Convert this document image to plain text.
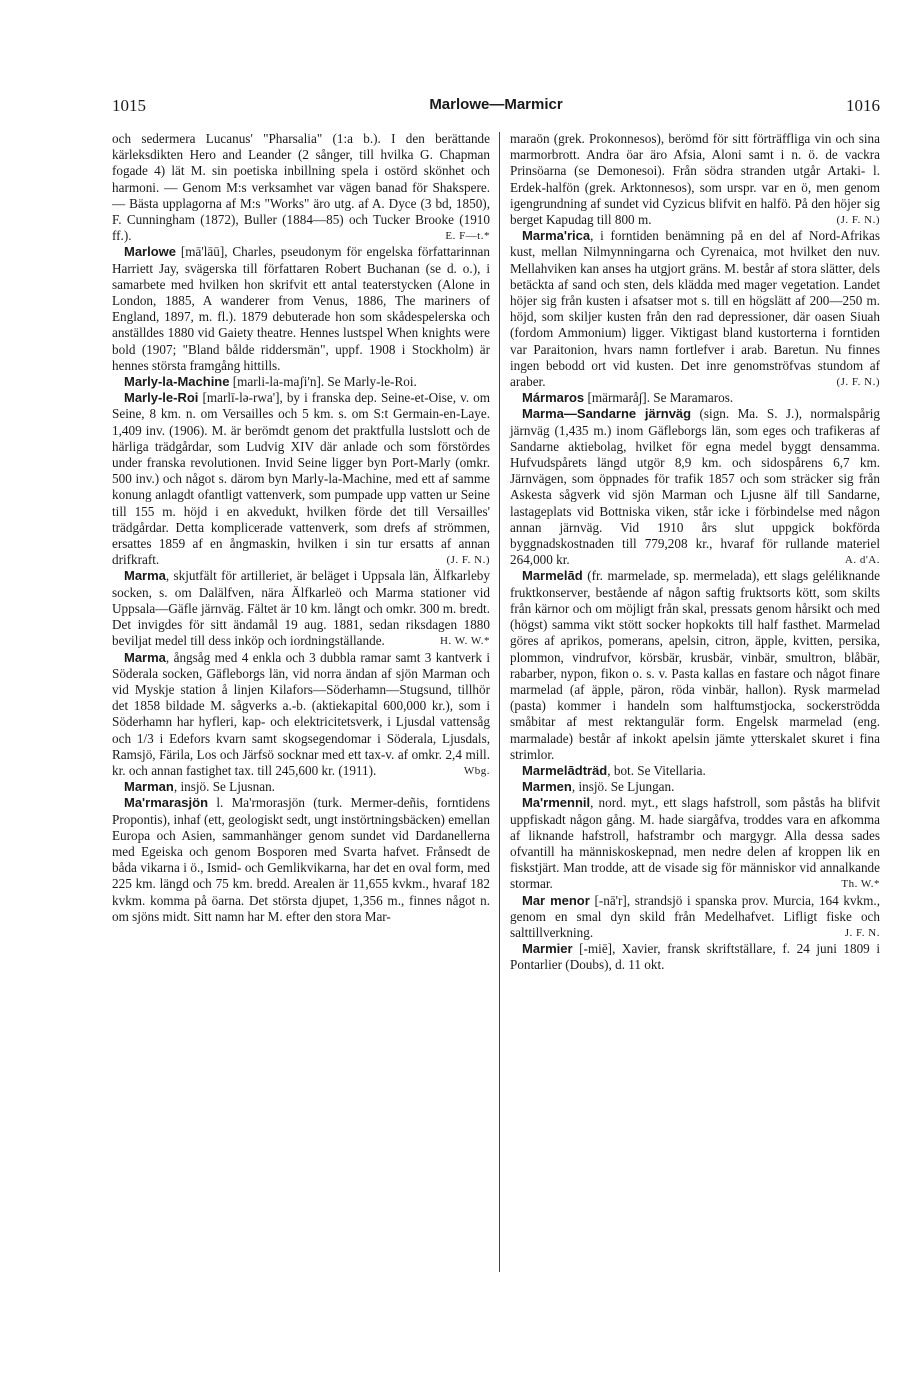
1015	Marlowe—Marmicr	1016

och sedermera Lucanus' "Pharsalia" (1:a b.). I den berättande kärleksdikten Hero and Leander (2 sånger, till hvilka G. Chapman fogade 4) lät M. sin poetiska inbillning spela i ostörd skönhet och harmoni. — Genom M:s verksamhet var vägen banad för Shakspere. — Bästa upplagorna af M:s "Works" äro utg. af A. Dyce (3 bd, 1850), F. Cunningham (1872), Buller (1884—85) och Tucker Brooke (1910 ff.).	E. F—t.*

Marlowe [mā'lāū], Charles, pseudonym för engelska författarinnan Harriett Jay, svägerska till författaren Robert Buchanan (se d. o.), i samarbete med hvilken hon skrifvit ett antal teaterstycken (Alone in London, 1885, A wanderer from Venus, 1886, The mariners of England, 1897, m. fl.). 1879 debuterade hon som skådespelerska och anställdes 1880 vid Gaiety theatre. Hennes lustspel When knights were bold (1907; "Bland bålde riddersmän", uppf. 1908 i Stockholm) är hennes största framgång hittills.

Marly-la-Machine [marli-la-maʃi'n]. Se Marly-le-Roi.

Marly-le-Roi [marlī-lə-rwa'], by i franska dep. Seine-et-Oise, v. om Seine, 8 km. n. om Versailles och 5 km. s. om S:t Germain-en-Laye. 1,409 inv. (1906). M. är berömdt genom det praktfulla lustslott och de härliga trädgårdar, som Ludvig XIV där anlade och som förstördes under franska revolutionen. Invid Seine ligger byn Port-Marly (omkr. 500 inv.) och något s. därom byn Marly-la-Machine, med ett af samme konung anlagdt ofantligt vattenverk, som pumpade upp vatten ur Seine till 155 m. höjd i en akvedukt, hvilken förde det till Versailles' trädgårdar. Detta komplicerade vattenverk, som drefs af strömmen, ersattes 1859 af en ångmaskin, hvilken i sin tur ersatts af annan drifkraft.	(J. F. N.)

Marma, skjutfält för artilleriet, är beläget i Uppsala län, Älfkarleby socken, s. om Dalälfven, nära Älfkarleö och Marma stationer vid Uppsala—Gäfle järnväg. Fältet är 10 km. långt och omkr. 300 m. bredt. Det invigdes för sitt ändamål 19 aug. 1881, sedan riksdagen 1880 beviljat medel till dess inköp och iordningställande.	H. W. W.*

Marma, ångsåg med 4 enkla och 3 dubbla ramar samt 3 kantverk i Söderala socken, Gäfleborgs län, vid norra ändan af sjön Marman och vid Myskje station å linjen Kilafors—Söderhamn—Stugsund, tillhör det 1858 bildade M. sågverks a.-b. (aktiekapital 600,000 kr.), som i Söderhamn har hyfleri, kap- och elektricitetsverk, i Ljusdal vattensåg och 1/3 i Edefors kvarn samt skogsegendomar i Söderala, Ljusdals, Ramsjö, Färila, Los och Järfsö socknar med ett tax-v. af omkr. 2,4 mill. kr. och annan fastighet tax. till 245,600 kr. (1911).	Wbg.

Marman, insjö. Se Ljusnan.

Ma'rmarasjön l. Ma'rmorasjön (turk. Mermer-deñis, forntidens Propontis), inhaf (ett, geologiskt sedt, ungt instörtningsbäcken) emellan Europa och Asien, sammanhänger genom sundet vid Dardanellerna med Egeiska och genom Bosporen med Svarta hafvet. Frånsedt de båda vikarna i ö., Ismid- och Gemlikvikarna, har det en oval form, med 225 km. längd och 75 km. bredd. Arealen är 11,655 kvkm., hvaraf 182 kvkm. komma på öarna. Det största djupet, 1,356 m., finnes något n. om sjöns midt. Sitt namn har M. efter den stora Mar-

maraön (grek. Prokonnesos), berömd för sitt förträffliga vin och sina marmorbrott. Andra öar äro Afsia, Aloni samt i n. ö. de vackra Prinsöarna (se Demonesoi). Från södra stranden utgår Artaki- l. Erdek-halfön (grek. Arktonnesos), som urspr. var en ö, men genom igengrundning af sundet vid Cyzicus blifvit en halfö. På den höjer sig berget Kapudag till 800 m.	(J. F. N.)

Marma'rica, i forntiden benämning på en del af Nord-Afrikas kust, mellan Nilmynningarna och Cyrenaica, mot hvilket den nuv. Mellahviken kan anses ha utgjort gräns. M. består af stora slätter, dels betäckta af sand och sten, dels klädda med mager vegetation. Landet höjer sig från kusten i afsatser mot s. till en högslätt af 200—250 m. höjd, som skiljer kusten från den rad depressioner, där oasen Siuah (fordom Ammonium) ligger. Viktigast bland kustorterna i forntiden var Paraitonion, hvars namn fortlefver i arab. Baretun. Nu finnes ingen bebodd ort vid kusten. Det inre genomströfvas stundom af araber.	(J. F. N.)

Mármaros [märmarå∫]. Se Maramaros.

Marma—Sandarne järnväg (sign. Ma. S. J.), normalspårig järnväg (1,435 m.) inom Gäfleborgs län, som eges och trafikeras af Sandarne aktiebolag, hvilket för egna medel byggt densamma. Hufvudspårets längd utgör 8,9 km. och sidospårens 6,7 km. Järnvägen, som öppnades för trafik 1857 och som sträcker sig från Askesta sågverk vid sjön Marman och Ljusne älf till Sandarne, lastageplats vid Bottniska viken, står icke i förbindelse med någon annan järnväg. Vid 1910 års slut uppgick bokförda byggnadskostnaden till 779,208 kr., hvaraf för rullande materiel 264,000 kr.	A. d'A.

Marmelād (fr. marmelade, sp. mermelada), ett slags geléliknande fruktkonserver, bestående af någon saftig fruktsorts kött, som skilts från kärnor och om möjligt från skal, pressats genom hårsikt och med (högst) samma vikt stött socker hopkokts till half fasthet. Marmelad göres af aprikos, pomerans, apelsin, citron, äpple, kvitten, persika, plommon, vindrufvor, körsbär, krusbär, vinbär, smultron, blåbär, rabarber, nypon, fikon o. s. v. Pasta kallas en fastare och något finare marmelad (af äpple, päron, röda vinbär, hallon). Rysk marmelad (pasta) kommer i handeln som halftumstjocka, sockerströdda småbitar af mest rektangulär form. Engelsk marmelad (eng. marmalade) består af inkokt apelsin jämte ytterskalet skuret i fina strimlor.

Marmelādträd, bot. Se Vitellaria.

Marmen, insjö. Se Ljungan.

Ma'rmennil, nord. myt., ett slags hafstroll, som påstås ha blifvit uppfiskadt någon gång. M. hade siargåfva, troddes vara en afkomma af liknande hafstroll, hafstrambr och margygr. Alla dessa sades ofvantill ha människoskepnad, men nedre delen af kroppen lik en fiskstjärt. Man trodde, att de visade sig för människor vid annalkande stormar.	Th. W.*

Mar menor [-nā'r], strandsjö i spanska prov. Murcia, 164 kvkm., genom en smal dyn skild från Medelhafvet. Lifligt fiske och salttillverkning.	J. F. N.

Marmier [-miē], Xavier, fransk skriftställare, f. 24 juni 1809 i Pontarlier (Doubs), d. 11 okt.
